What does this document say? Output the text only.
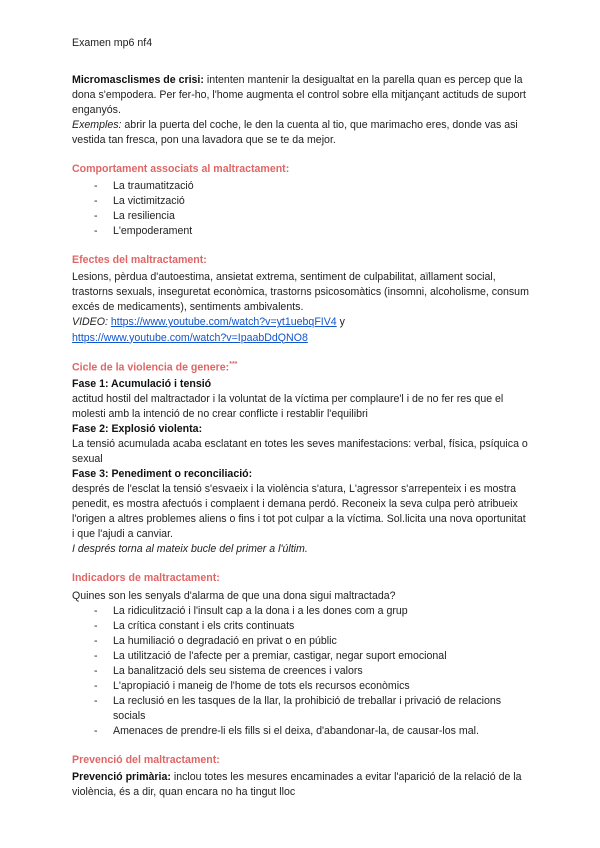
Examen mp6 nf4

Micromasclismes de crisi: intenten mantenir la desigualtat en la parella quan es percep que la dona s'empodera. Per fer-ho, l'home augmenta el control sobre ella mitjançant actituds de suport enganyós.

Exemples: abrir la puerta del coche, le den la cuenta al tio, que marimacho eres, donde vas asi vestida tan fresca, pon una lavadora que se te da mejor.

Comportament associats al maltractament:

- La traumatització
- La victimització
- La resiliencia
- L'empoderament

Efectes del maltractament:

Lesions, pèrdua d'autoestima, ansietat extrema, sentiment de culpabilitat, aïllament social, trastorns sexuals, inseguretat econòmica, trastorns psicosomàtics (insomni, alcoholisme, consum excés de medicaments), sentiments ambivalents.

VIDEO: https://www.youtube.com/watch?v=yt1uebqFIV4 y

https://www.youtube.com/watch?v=IpaabDdQNO8

Cicle de la violencia de genere:***

Fase 1: Acumulació i tensió

actitud hostil del maltractador i la voluntat de la víctima per complaure'l i de no fer res que el molesti amb la intenció de no crear conflicte i restablir l'equilibri

Fase 2: Explosió violenta:

La tensió acumulada acaba esclatant en totes les seves manifestacions: verbal, física, psíquica o sexual

Fase 3: Penediment o reconciliació:

després de l'esclat la tensió s'esvaeix i la violència s'atura, L'agressor s'arrepenteix i es mostra penedit, es mostra afectuós i complaent i demana perdó. Reconeix la seva culpa però atribueix l'origen a altres problemes aliens o fins i tot pot culpar a la víctima. Sol.licita una nova oportunitat i que l'ajudi a canviar.

I després torna al mateix bucle del primer a l'últim.

Indicadors de maltractament:

Quines son les senyals d'alarma de que una dona sigui maltractada?

- La ridiculització i l'insult cap a la dona i a les dones com a grup
- La crítica constant i els crits continuats
- La humiliació o degradació en privat o en públic
- La utilització de l'afecte per a premiar, castigar, negar suport emocional
- La banalització dels seu sistema de creences i valors
- L'apropiació i maneig de l'home de tots els recursos econòmics
- La reclusió en les tasques de la llar, la prohibició de treballar i privació de relacions socials
- Amenaces de prendre-li els fills si el deixa, d'abandonar-la, de causar-los mal.

Prevenció del maltractament:

Prevenció primària: inclou totes les mesures encaminades a evitar l'aparició de la relació de la violència, és a dir, quan encara no ha tingut lloc
